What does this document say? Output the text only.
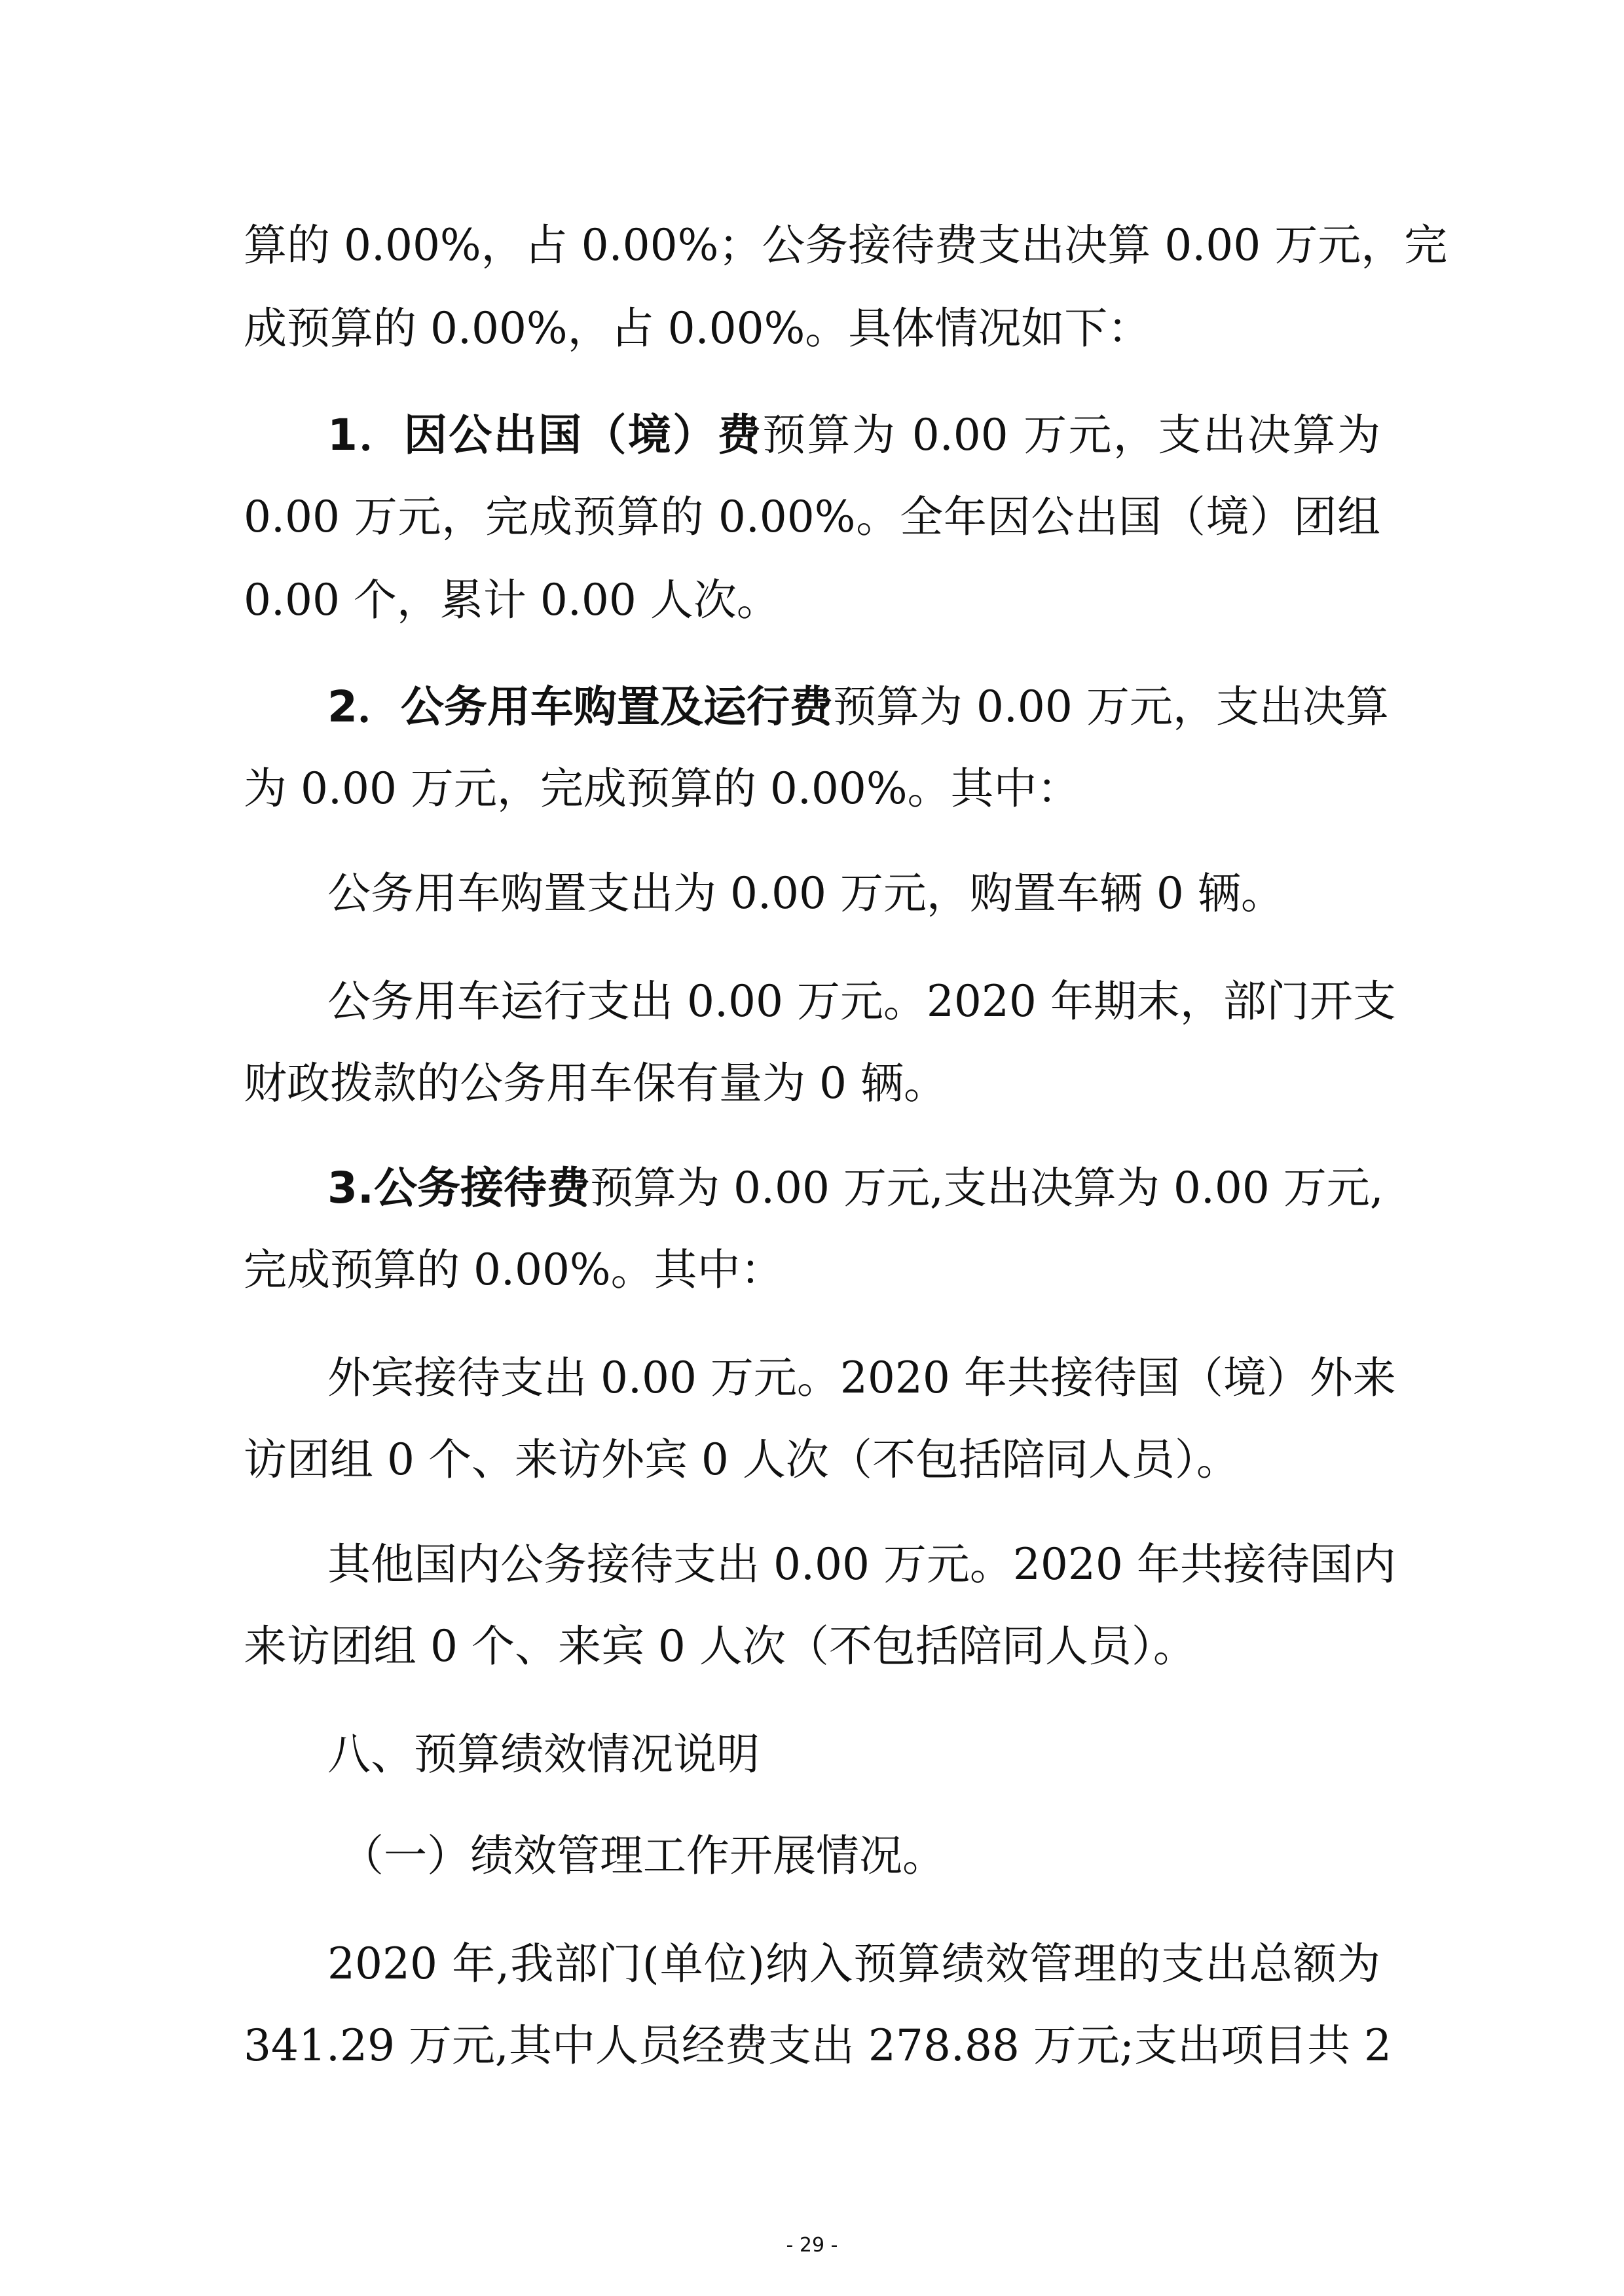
算的 0.00%，占 0.00%；公务接待费支出决算 0.00 万元，完

成预算的 0.00%，占 0.00%。具体情况如下：

1．因公出国（境）费预算为 0.00 万元，支出决算为

0.00 万元，完成预算的 0.00%。全年因公出国（境）团组

0.00 个，累计 0.00 人次。

2．公务用车购置及运行费预算为 0.00 万元，支出决算

为 0.00 万元，完成预算的 0.00%。其中：

公务用车购置支出为 0.00 万元，购置车辆 0 辆。

公务用车运行支出 0.00 万元。2020 年期末，部门开支

财政拨款的公务用车保有量为 0 辆。

3.公务接待费预算为 0.00 万元,支出决算为 0.00 万元,

完成预算的 0.00%。其中：

外宾接待支出 0.00 万元。2020 年共接待国（境）外来

访团组 0 个、来访外宾 0 人次（不包括陪同人员）。

其他国内公务接待支出 0.00 万元。2020 年共接待国内

来访团组 0 个、来宾 0 人次（不包括陪同人员）。

八、预算绩效情况说明

（一）绩效管理工作开展情况。

2020 年,我部门(单位)纳入预算绩效管理的支出总额为

341.29 万元,其中人员经费支出 278.88 万元;支出项目共 2

- 29 -
